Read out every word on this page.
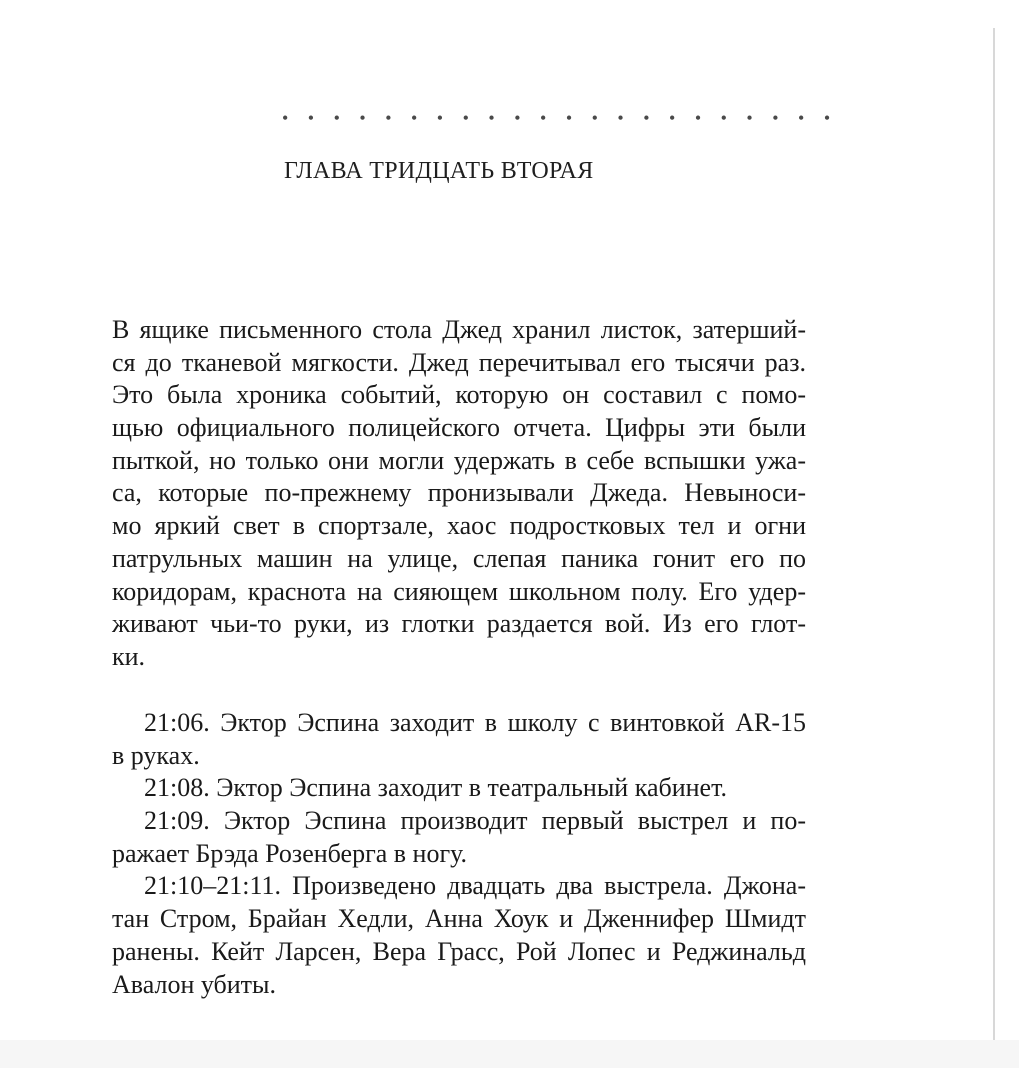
• • • • • • • • • • • • • • • • • • • • • •
ГЛАВА ТРИДЦАТЬ ВТОРАЯ
В ящике письменного стола Джед хранил листок, затерший-
ся до тканевой мягкости. Джед перечитывал его тысячи раз.
Это была хроника событий, которую он составил с помо-
щью официального полицейского отчета. Цифры эти были
пыткой, но только они могли удержать в себе вспышки ужа-
са, которые по-прежнему пронизывали Джеда. Невыноси-
мо яркий свет в спортзале, хаос подростковых тел и огни
патрульных машин на улице, слепая паника гонит его по
коридорам, краснота на сияющем школьном полу. Его удер-
живают чьи-то руки, из глотки раздается вой. Из его глот-
ки.
21:06. Эктор Эспина заходит в школу с винтовкой AR-15
в руках.
21:08. Эктор Эспина заходит в театральный кабинет.
21:09. Эктор Эспина производит первый выстрел и по-
ражает Брэда Розенберга в ногу.
21:10–21:11. Произведено двадцать два выстрела. Джона-
тан Стром, Брайан Хедли, Анна Хоук и Дженнифер Шмидт
ранены. Кейт Ларсен, Вера Грасс, Рой Лопес и Реджинальд
Авалон убиты.
